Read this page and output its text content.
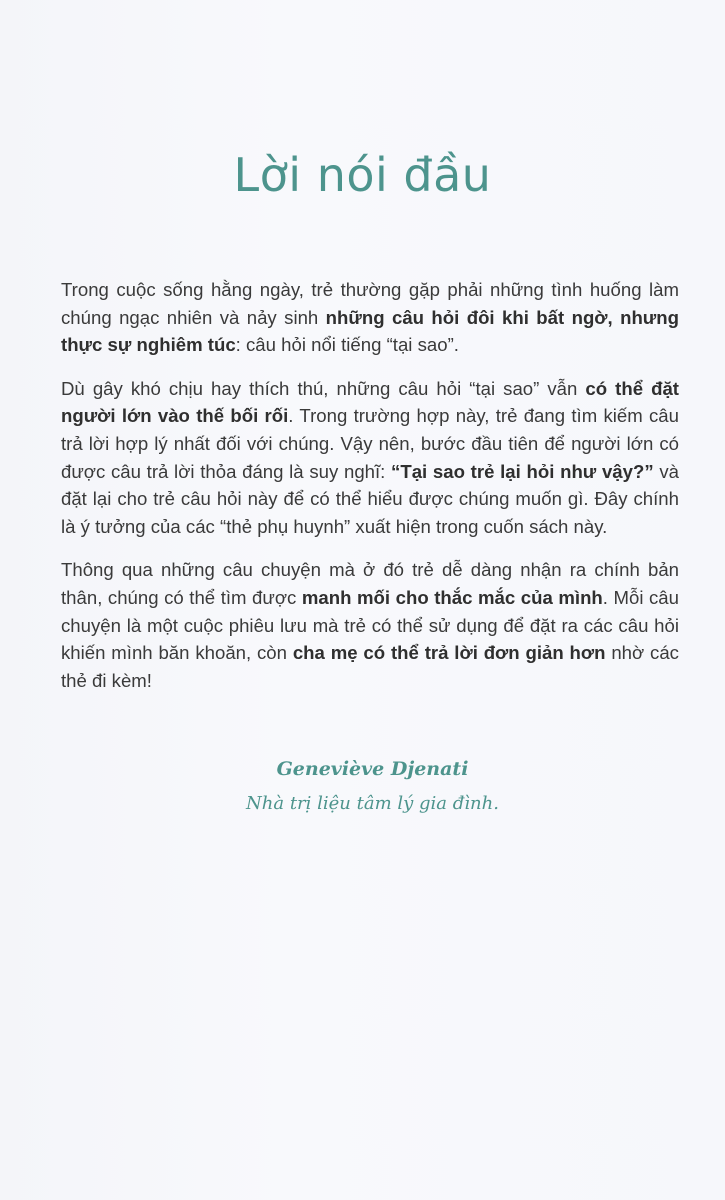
Lời nói đầu

Trong cuộc sống hằng ngày, trẻ thường gặp phải những tình huống làm chúng ngạc nhiên và nảy sinh những câu hỏi đôi khi bất ngờ, nhưng thực sự nghiêm túc: câu hỏi nổi tiếng “tại sao”.

Dù gây khó chịu hay thích thú, những câu hỏi “tại sao” vẫn có thể đặt người lớn vào thế bối rối. Trong trường hợp này, trẻ đang tìm kiếm câu trả lời hợp lý nhất đối với chúng. Vậy nên, bước đầu tiên để người lớn có được câu trả lời thỏa đáng là suy nghĩ: “Tại sao trẻ lại hỏi như vậy?” và đặt lại cho trẻ câu hỏi này để có thể hiểu được chúng muốn gì. Đây chính là ý tưởng của các “thẻ phụ huynh” xuất hiện trong cuốn sách này.

Thông qua những câu chuyện mà ở đó trẻ dễ dàng nhận ra chính bản thân, chúng có thể tìm được manh mối cho thắc mắc của mình. Mỗi câu chuyện là một cuộc phiêu lưu mà trẻ có thể sử dụng để đặt ra các câu hỏi khiến mình băn khoăn, còn cha mẹ có thể trả lời đơn giản hơn nhờ các thẻ đi kèm!

Geneviève Djenati
Nhà trị liệu tâm lý gia đình.
